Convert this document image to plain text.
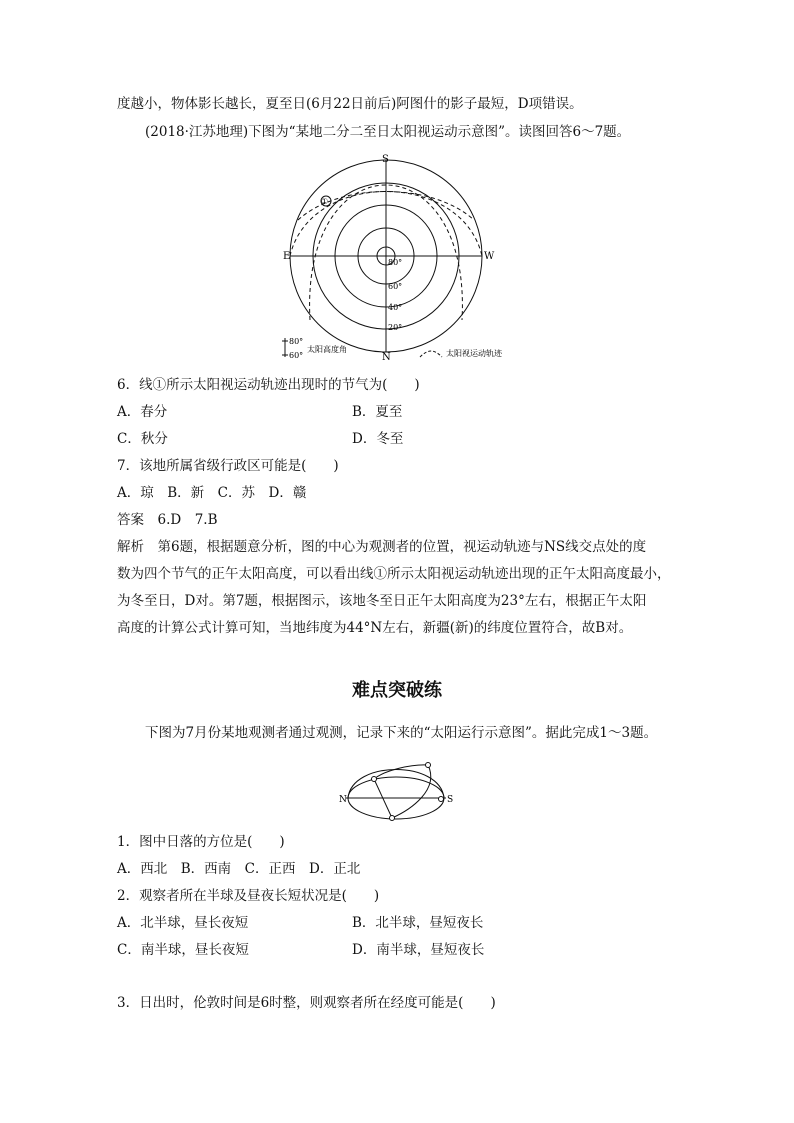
度越小，物体影长越长，夏至日(6月22日前后)阿图什的影子最短，D项错误。
(2018·江苏地理)下图为“某地二分二至日太阳视运动示意图”。读图回答6～7题。
S
N
E	W
①
80°
60°
40°
20°
80°
60°
太阳高度角	太阳视运动轨迹
6．线①所示太阳视运动轨迹出现时的节气为(　　)
A．春分	B．夏至
C．秋分	D．冬至
7．该地所属省级行政区可能是(　　)
A．琼　B．新　C．苏　D．赣
答案　6.D　7.B
解析　第6题，根据题意分析，图的中心为观测者的位置，视运动轨迹与NS线交点处的度
数为四个节气的正午太阳高度，可以看出线①所示太阳视运动轨迹出现的正午太阳高度最小，
为冬至日，D对。第7题，根据图示，该地冬至日正午太阳高度为23°左右，根据正午太阳
高度的计算公式计算可知，当地纬度为44°N左右，新疆(新)的纬度位置符合，故B对。
难点突破练
下图为7月份某地观测者通过观测，记录下来的“太阳运行示意图”。据此完成1～3题。
N	S
1．图中日落的方位是(　　)
A．西北　B．西南　C．正西　D．正北
2．观察者所在半球及昼夜长短状况是(　　)
A．北半球，昼长夜短	B．北半球，昼短夜长
C．南半球，昼长夜短	D．南半球，昼短夜长
3．日出时，伦敦时间是6时整，则观察者所在经度可能是(　　)
